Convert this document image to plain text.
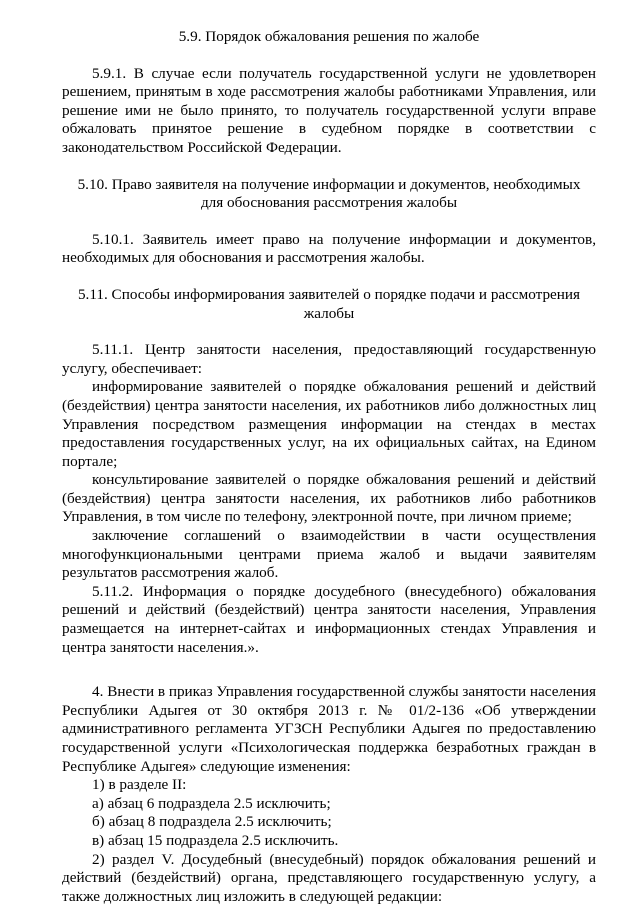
5.9. Порядок обжалования решения по жалобе

5.9.1. В случае если получатель государственной услуги не удовлетворен решением, принятым в ходе рассмотрения жалобы работниками Управления, или решение ими не было принято, то получатель государственной услуги вправе обжаловать принятое решение в судебном порядке в соответствии с законодательством Российской Федерации.

5.10. Право заявителя на получение информации и документов, необходимых
для обоснования рассмотрения жалобы

5.10.1. Заявитель имеет право на получение информации и документов, необходимых для обоснования и рассмотрения жалобы.

5.11. Способы информирования заявителей о порядке подачи и рассмотрения
жалобы

5.11.1. Центр занятости населения, предоставляющий государственную услугу, обеспечивает:

информирование заявителей о порядке обжалования решений и действий (бездействия) центра занятости населения, их работников либо должностных лиц Управления посредством размещения информации на стендах в местах предоставления государственных услуг, на их официальных сайтах, на Едином портале;

консультирование заявителей о порядке обжалования решений и действий (бездействия) центра занятости населения, их работников либо работников Управления, в том числе по телефону, электронной почте, при личном приеме;

заключение соглашений о взаимодействии в части осуществления многофункциональными центрами приема жалоб и выдачи заявителям результатов рассмотрения жалоб.

5.11.2. Информация о порядке досудебного (внесудебного) обжалования решений и действий (бездействий) центра занятости населения, Управления размещается на интернет-сайтах и информационных стендах Управления и центра занятости населения.».

4. Внести в приказ Управления государственной службы занятости населения Республики Адыгея от 30 октября 2013 г. № 01/2-136 «Об утверждении административного регламента УГЗСН Республики Адыгея по предоставлению государственной услуги «Психологическая поддержка безработных граждан в Республике Адыгея» следующие изменения:

1) в разделе II:

а) абзац 6 подраздела 2.5 исключить;

б) абзац 8 подраздела 2.5 исключить;

в) абзац 15 подраздела 2.5 исключить.

2) раздел V. Досудебный (внесудебный) порядок обжалования решений и действий (бездействий) органа, представляющего государственную услугу, а также должностных лиц изложить в следующей редакции:
